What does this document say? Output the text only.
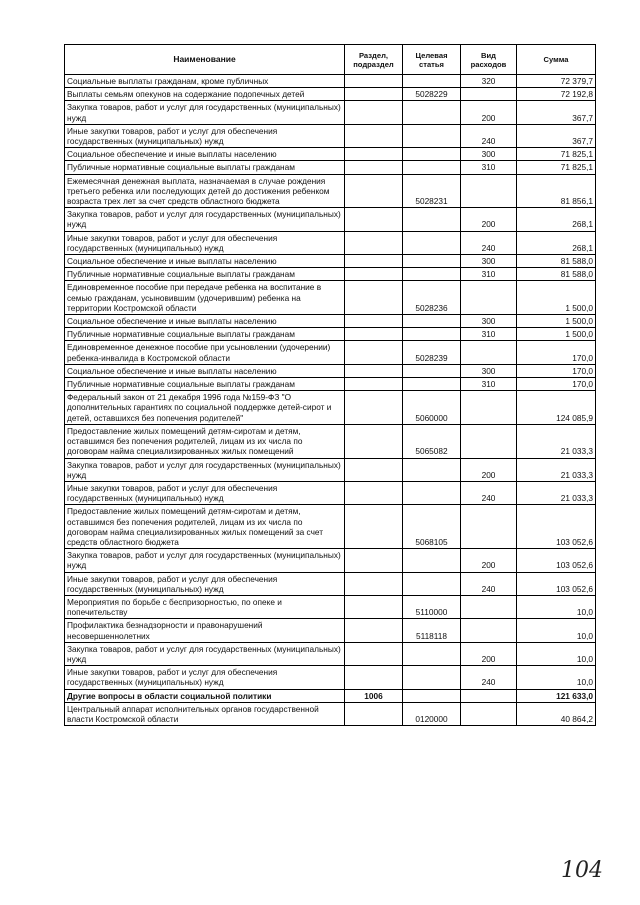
Наименование	Раздел, подраздел	Целевая статья	Вид расходов	Сумма
Социальные выплаты гражданам, кроме публичных			320	72 379,7
Выплаты семьям опекунов на содержание подопечных детей		5028229		72 192,8
Закупка товаров, работ и услуг для государственных (муниципальных) нужд			200	367,7
Иные закупки товаров, работ и услуг для обеспечения государственных (муниципальных) нужд			240	367,7
Социальное обеспечение и иные выплаты населению			300	71 825,1
Публичные нормативные социальные выплаты гражданам			310	71 825,1
Ежемесячная денежная выплата, назначаемая в случае рождения третьего ребенка или последующих детей до достижения ребенком возраста трех лет за счет средств областного бюджета		5028231		81 856,1
Закупка товаров, работ и услуг для государственных (муниципальных) нужд			200	268,1
Иные закупки товаров, работ и услуг для обеспечения государственных (муниципальных) нужд			240	268,1
Социальное обеспечение и иные выплаты населению			300	81 588,0
Публичные нормативные социальные выплаты гражданам			310	81 588,0
Единовременное пособие при передаче ребенка на воспитание в семью гражданам, усыновившим (удочерившим) ребенка на территории Костромской области		5028236		1 500,0
Социальное обеспечение и иные выплаты населению			300	1 500,0
Публичные нормативные социальные выплаты гражданам			310	1 500,0
Единовременное денежное пособие при усыновлении (удочерении) ребенка-инвалида в Костромской области		5028239		170,0
Социальное обеспечение и иные выплаты населению			300	170,0
Публичные нормативные социальные выплаты гражданам			310	170,0
Федеральный закон от 21 декабря 1996 года №159-ФЗ "О дополнительных гарантиях по социальной поддержке детей-сирот и детей, оставшихся без попечения родителей"		5060000		124 085,9
Предоставление жилых помещений детям-сиротам и детям, оставшимся без попечения родителей, лицам из их числа по договорам найма специализированных жилых помещений		5065082		21 033,3
Закупка товаров, работ и услуг для государственных (муниципальных) нужд			200	21 033,3
Иные закупки товаров, работ и услуг для обеспечения государственных (муниципальных) нужд			240	21 033,3
Предоставление жилых помещений детям-сиротам и детям, оставшимся без попечения родителей, лицам из их числа по договорам найма специализированных жилых помещений за счет средств областного бюджета		5068105		103 052,6
Закупка товаров, работ и услуг для государственных (муниципальных) нужд			200	103 052,6
Иные закупки товаров, работ и услуг для обеспечения государственных (муниципальных) нужд			240	103 052,6
Мероприятия по борьбе с беспризорностью, по опеке и попечительству		5110000		10,0
Профилактика безнадзорности и правонарушений несовершеннолетних		5118118		10,0
Закупка товаров, работ и услуг для государственных (муниципальных) нужд			200	10,0
Иные закупки товаров, работ и услуг для обеспечения государственных (муниципальных) нужд			240	10,0
Другие вопросы в области социальной политики	1006			121 633,0
Центральный аппарат исполнительных органов государственной власти Костромской области		0120000		40 864,2
104
